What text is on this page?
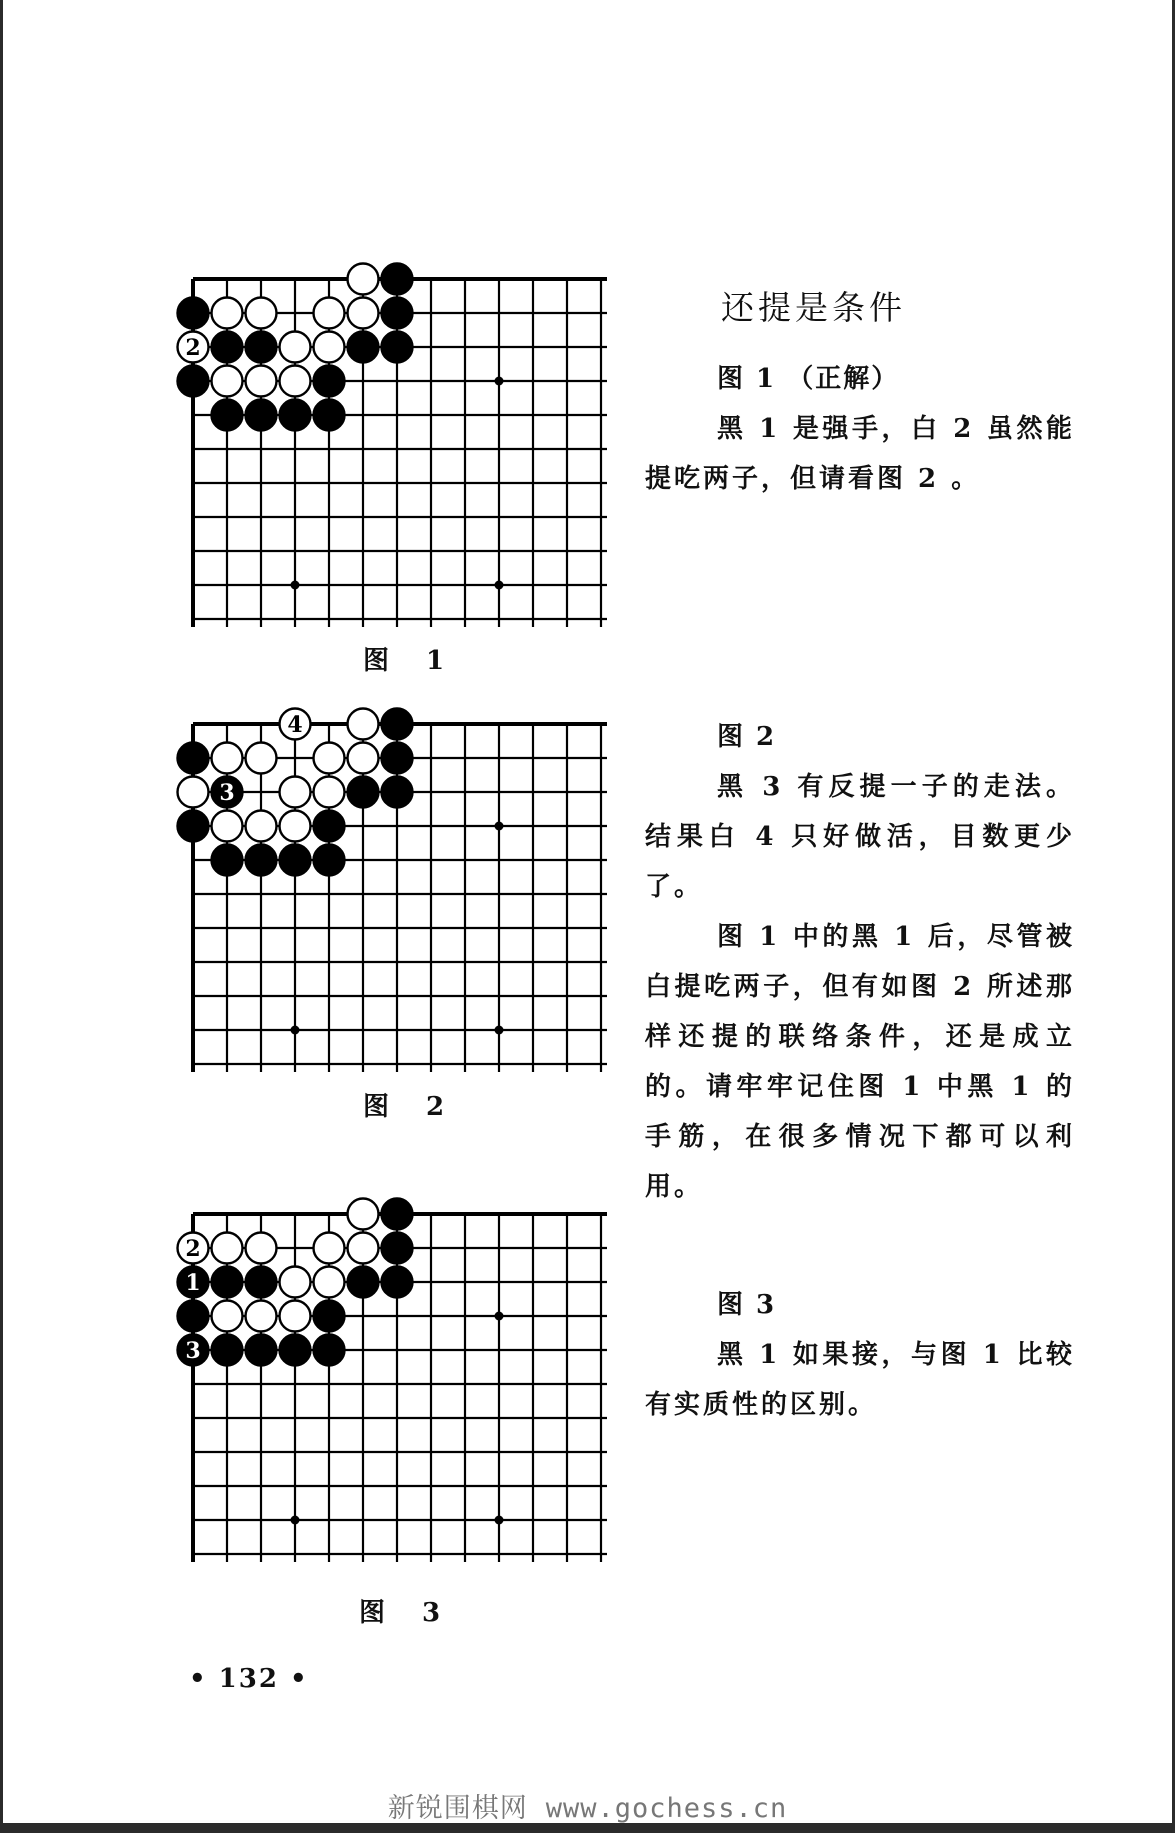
2
图 1
4
3
图 2
2
1
3
图 3
还提是条件
图 1 （正解）

黑 1 是强手，白 2 虽然能提吃两子，但请看图 2 。

图 2

黑 3 有反提一子的走法。结果白 4 只好做活，目数更少了。

图 1 中的黑 1 后，尽管被白提吃两子，但有如图 2 所述那样还提的联络条件，还是成立的。请牢牢记住图 1 中黑 1 的手筋，在很多情况下都可以利用。

图 3

黑 1 如果接，与图 1 比较有实质性的区别。

• 132 •
新锐围棋网 www.gochess.cn
